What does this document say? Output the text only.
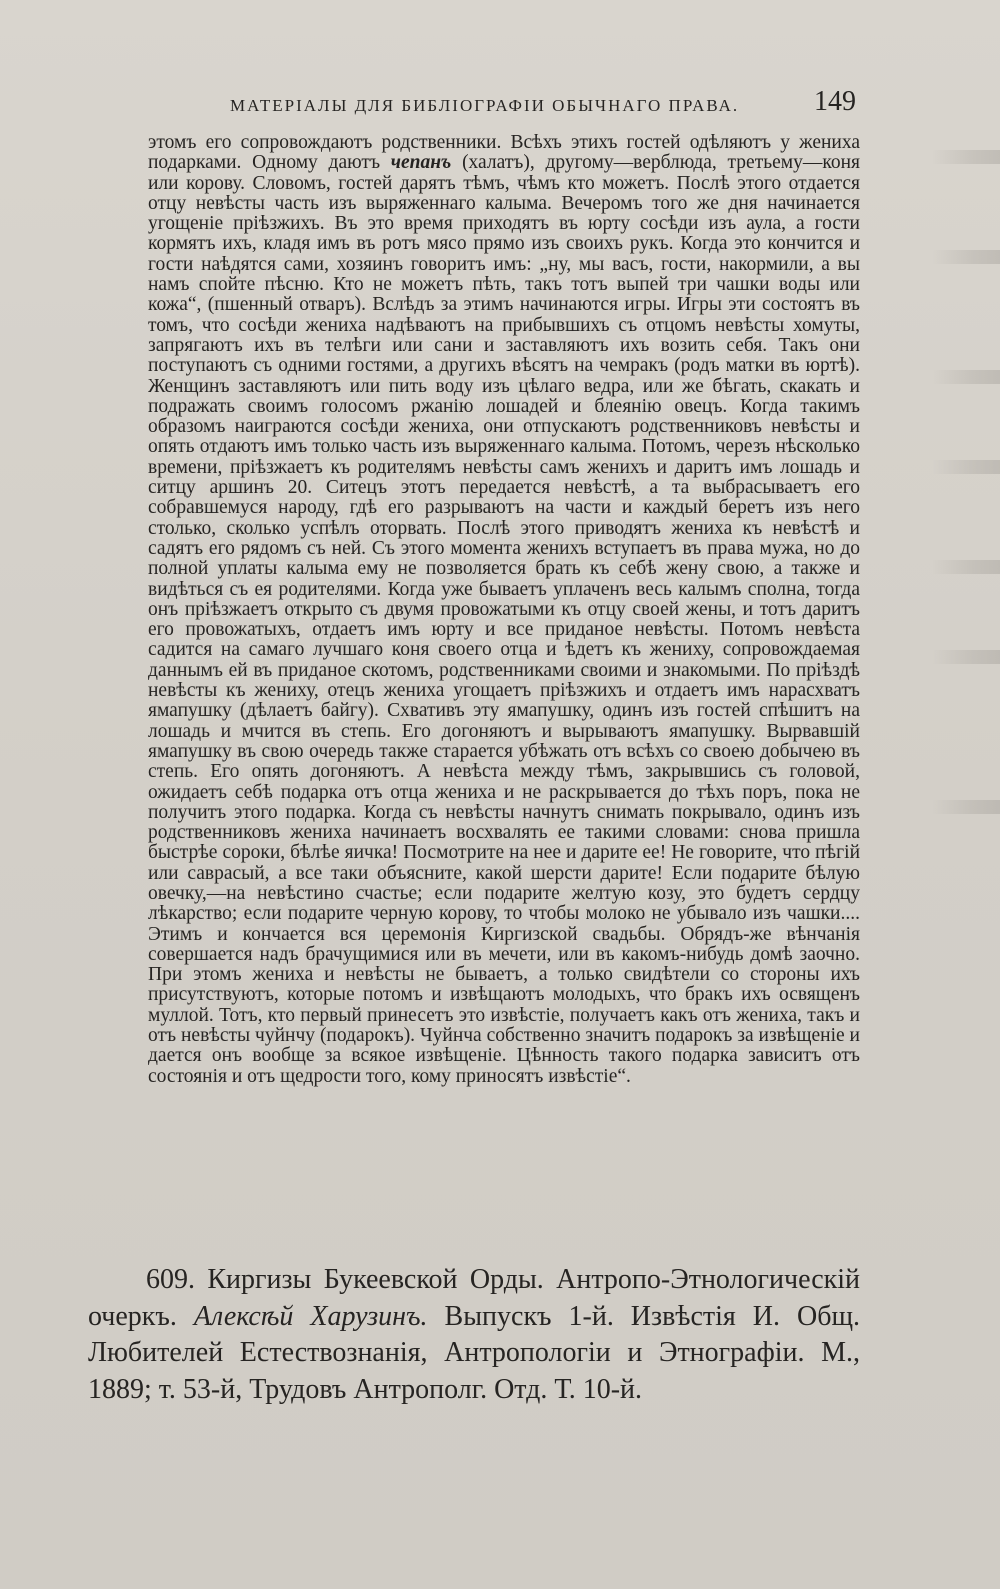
МАТЕРІАЛЫ ДЛЯ БИБЛІОГРАФІИ ОБЫЧНАГО ПРАВА.	149

этомъ его сопровождаютъ родственники. Всѣхъ этихъ гостей одѣляютъ у жениха подарками. Одному даютъ чепанъ (халатъ), другому—верблюда, третьему—коня или корову. Словомъ, гостей дарятъ тѣмъ, чѣмъ кто можетъ. Послѣ этого отдается отцу невѣсты часть изъ выряженнаго калыма. Вечеромъ того же дня начинается угощеніе пріѣзжихъ. Въ это время приходятъ въ юрту сосѣди изъ аула, а гости кормятъ ихъ, кладя имъ въ ротъ мясо прямо изъ своихъ рукъ. Когда это кончится и гости наѣдятся сами, хозяинъ говоритъ имъ: „ну, мы васъ, гости, накормили, а вы намъ спойте пѣсню. Кто не можетъ пѣть, такъ тотъ выпей три чашки воды или кожа“, (пшенный отваръ). Вслѣдъ за этимъ начинаются игры. Игры эти состоятъ въ томъ, что сосѣди жениха надѣваютъ на прибывшихъ съ отцомъ невѣсты хомуты, запрягаютъ ихъ въ телѣги или сани и заставляютъ ихъ возить себя. Такъ они поступаютъ съ одними гостями, а другихъ вѣсятъ на чемракъ (родъ матки въ юртѣ). Женщинъ заставляютъ или пить воду изъ цѣлаго ведра, или же бѣгать, скакать и подражать своимъ голосомъ ржанію лошадей и блеянію овецъ. Когда такимъ образомъ наиграются сосѣди жениха, они отпускаютъ родственниковъ невѣсты и опять отдаютъ имъ только часть изъ выряженнаго калыма. Потомъ, черезъ нѣсколько времени, пріѣзжаетъ къ родителямъ невѣсты самъ женихъ и даритъ имъ лошадь и ситцу аршинъ 20. Ситецъ этотъ передается невѣстѣ, а та выбрасываетъ его собравшемуся народу, гдѣ его разрываютъ на части и каждый беретъ изъ него столько, сколько успѣлъ оторвать. Послѣ этого приводятъ жениха къ невѣстѣ и садятъ его рядомъ съ ней. Съ этого момента женихъ вступаетъ въ права мужа, но до полной уплаты калыма ему не позволяется брать къ себѣ жену свою, а также и видѣться съ ея родителями. Когда уже бываетъ уплаченъ весь калымъ сполна, тогда онъ пріѣзжаетъ открыто съ двумя провожатыми къ отцу своей жены, и тотъ даритъ его провожатыхъ, отдаетъ имъ юрту и все приданое невѣсты. Потомъ невѣста садится на самаго лучшаго коня своего отца и ѣдетъ къ жениху, сопровождаемая даннымъ ей въ приданое скотомъ, родственниками своими и знакомыми. По пріѣздѣ невѣсты къ жениху, отецъ жениха угощаетъ пріѣзжихъ и отдаетъ имъ нарасхватъ ямапушку (дѣлаетъ байгу). Схвативъ эту ямапушку, одинъ изъ гостей спѣшитъ на лошадь и мчится въ степь. Его догоняютъ и вырываютъ ямапушку. Вырвавшій ямапушку въ свою очередь также старается убѣжать отъ всѣхъ со своею добычею въ степь. Его опять догоняютъ. А невѣста между тѣмъ, закрывшись съ головой, ожидаетъ себѣ подарка отъ отца жениха и не раскрывается до тѣхъ поръ, пока не получитъ этого подарка. Когда съ невѣсты начнутъ снимать покрывало, одинъ изъ родственниковъ жениха начинаетъ восхвалять ее такими словами: снова пришла быстрѣе сороки, бѣлѣе яичка! Посмотрите на нее и дарите ее! Не говорите, что пѣгій или саврасый, а все таки объясните, какой шерсти дарите! Если подарите бѣлую овечку,—на невѣстино счастье; если подарите желтую козу, это будетъ сердцу лѣкарство; если подарите черную корову, то чтобы молоко не убывало изъ чашки.... Этимъ и кончается вся церемонія Киргизской свадьбы. Обрядъ-же вѣнчанія совершается надъ брачущимися или въ мечети, или въ какомъ-нибудь домѣ заочно. При этомъ жениха и невѣсты не бываетъ, а только свидѣтели со стороны ихъ присутствуютъ, которые потомъ и извѣщаютъ молодыхъ, что бракъ ихъ освященъ муллой. Тотъ, кто первый принесетъ это извѣстіе, получаетъ какъ отъ жениха, такъ и отъ невѣсты чуйнчу (подарокъ). Чуйнча собственно значитъ подарокъ за извѣщеніе и дается онъ вообще за всякое извѣщеніе. Цѣнность такого подарка зависитъ отъ состоянія и отъ щедрости того, кому приносятъ извѣстіе“.

609. Киргизы Букеевской Орды. Антропо-Этнологическій очеркъ. Алексѣй Харузинъ. Выпускъ 1-й. Извѣстія И. Общ. Любителей Естествознанія, Антропологіи и Этнографіи. М., 1889; т. 53-й, Трудовъ Антрополг. Отд. Т. 10-й.
